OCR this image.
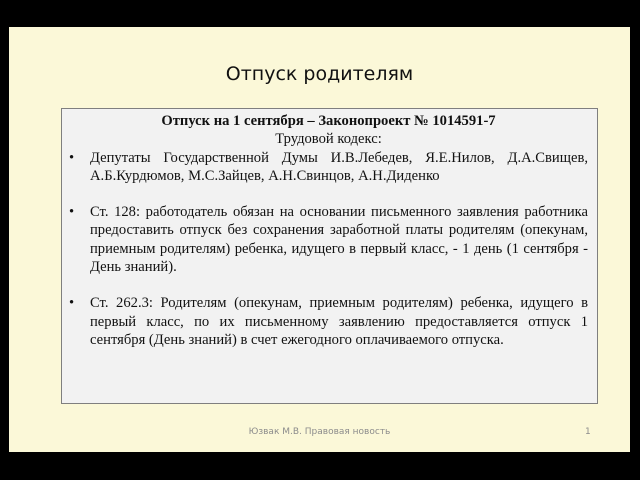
Отпуск родителям
Отпуск на 1 сентября – Законопроект № 1014591-7
Трудовой кодекс:
• Депутаты Государственной Думы И.В.Лебедев, Я.Е.Нилов, Д.А.Свищев, А.Б.Курдюмов, М.С.Зайцев, А.Н.Свинцов, А.Н.Диденко
• Ст. 128: работодатель обязан на основании письменного заявления работника предоставить отпуск без сохранения заработной платы родителям (опекунам, приемным родителям) ребенка, идущего в первый класс, - 1 день (1 сентября - День знаний).
• Ст. 262.3: Родителям (опекунам, приемным родителям) ребенка, идущего в первый класс, по их письменному заявлению предоставляется отпуск 1 сентября (День знаний) в счет ежегодного оплачиваемого отпуска.
Юзвак М.В. Правовая новость	1
